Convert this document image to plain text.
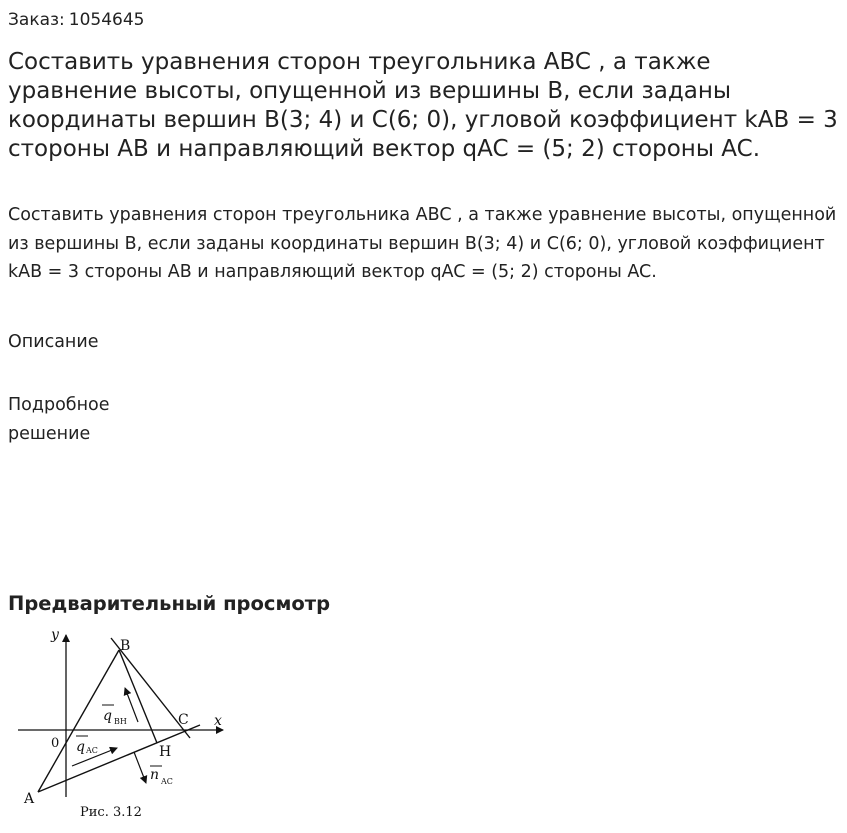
Заказ: 1054645
Составить уравнения сторон треугольника ABC , а также уравнение высоты, опущенной из вершины B, если заданы координаты вершин B(3; 4) и C(6; 0), угловой коэффициент kAB = 3 стороны AB и направляющий вектор qAC = (5; 2) стороны AC.

Составить уравнения сторон треугольника ABC , а также уравнение высоты, опущенной из вершины B, если заданы координаты вершин B(3; 4) и C(6; 0), угловой коэффициент kAB = 3 стороны AB и направляющий вектор qAC = (5; 2) стороны AC.

Описание
Подробное решение
Предварительный просмотр
y
x
0
A
B
C
H
q BH
q AC
n AC
Рис. 3.12
